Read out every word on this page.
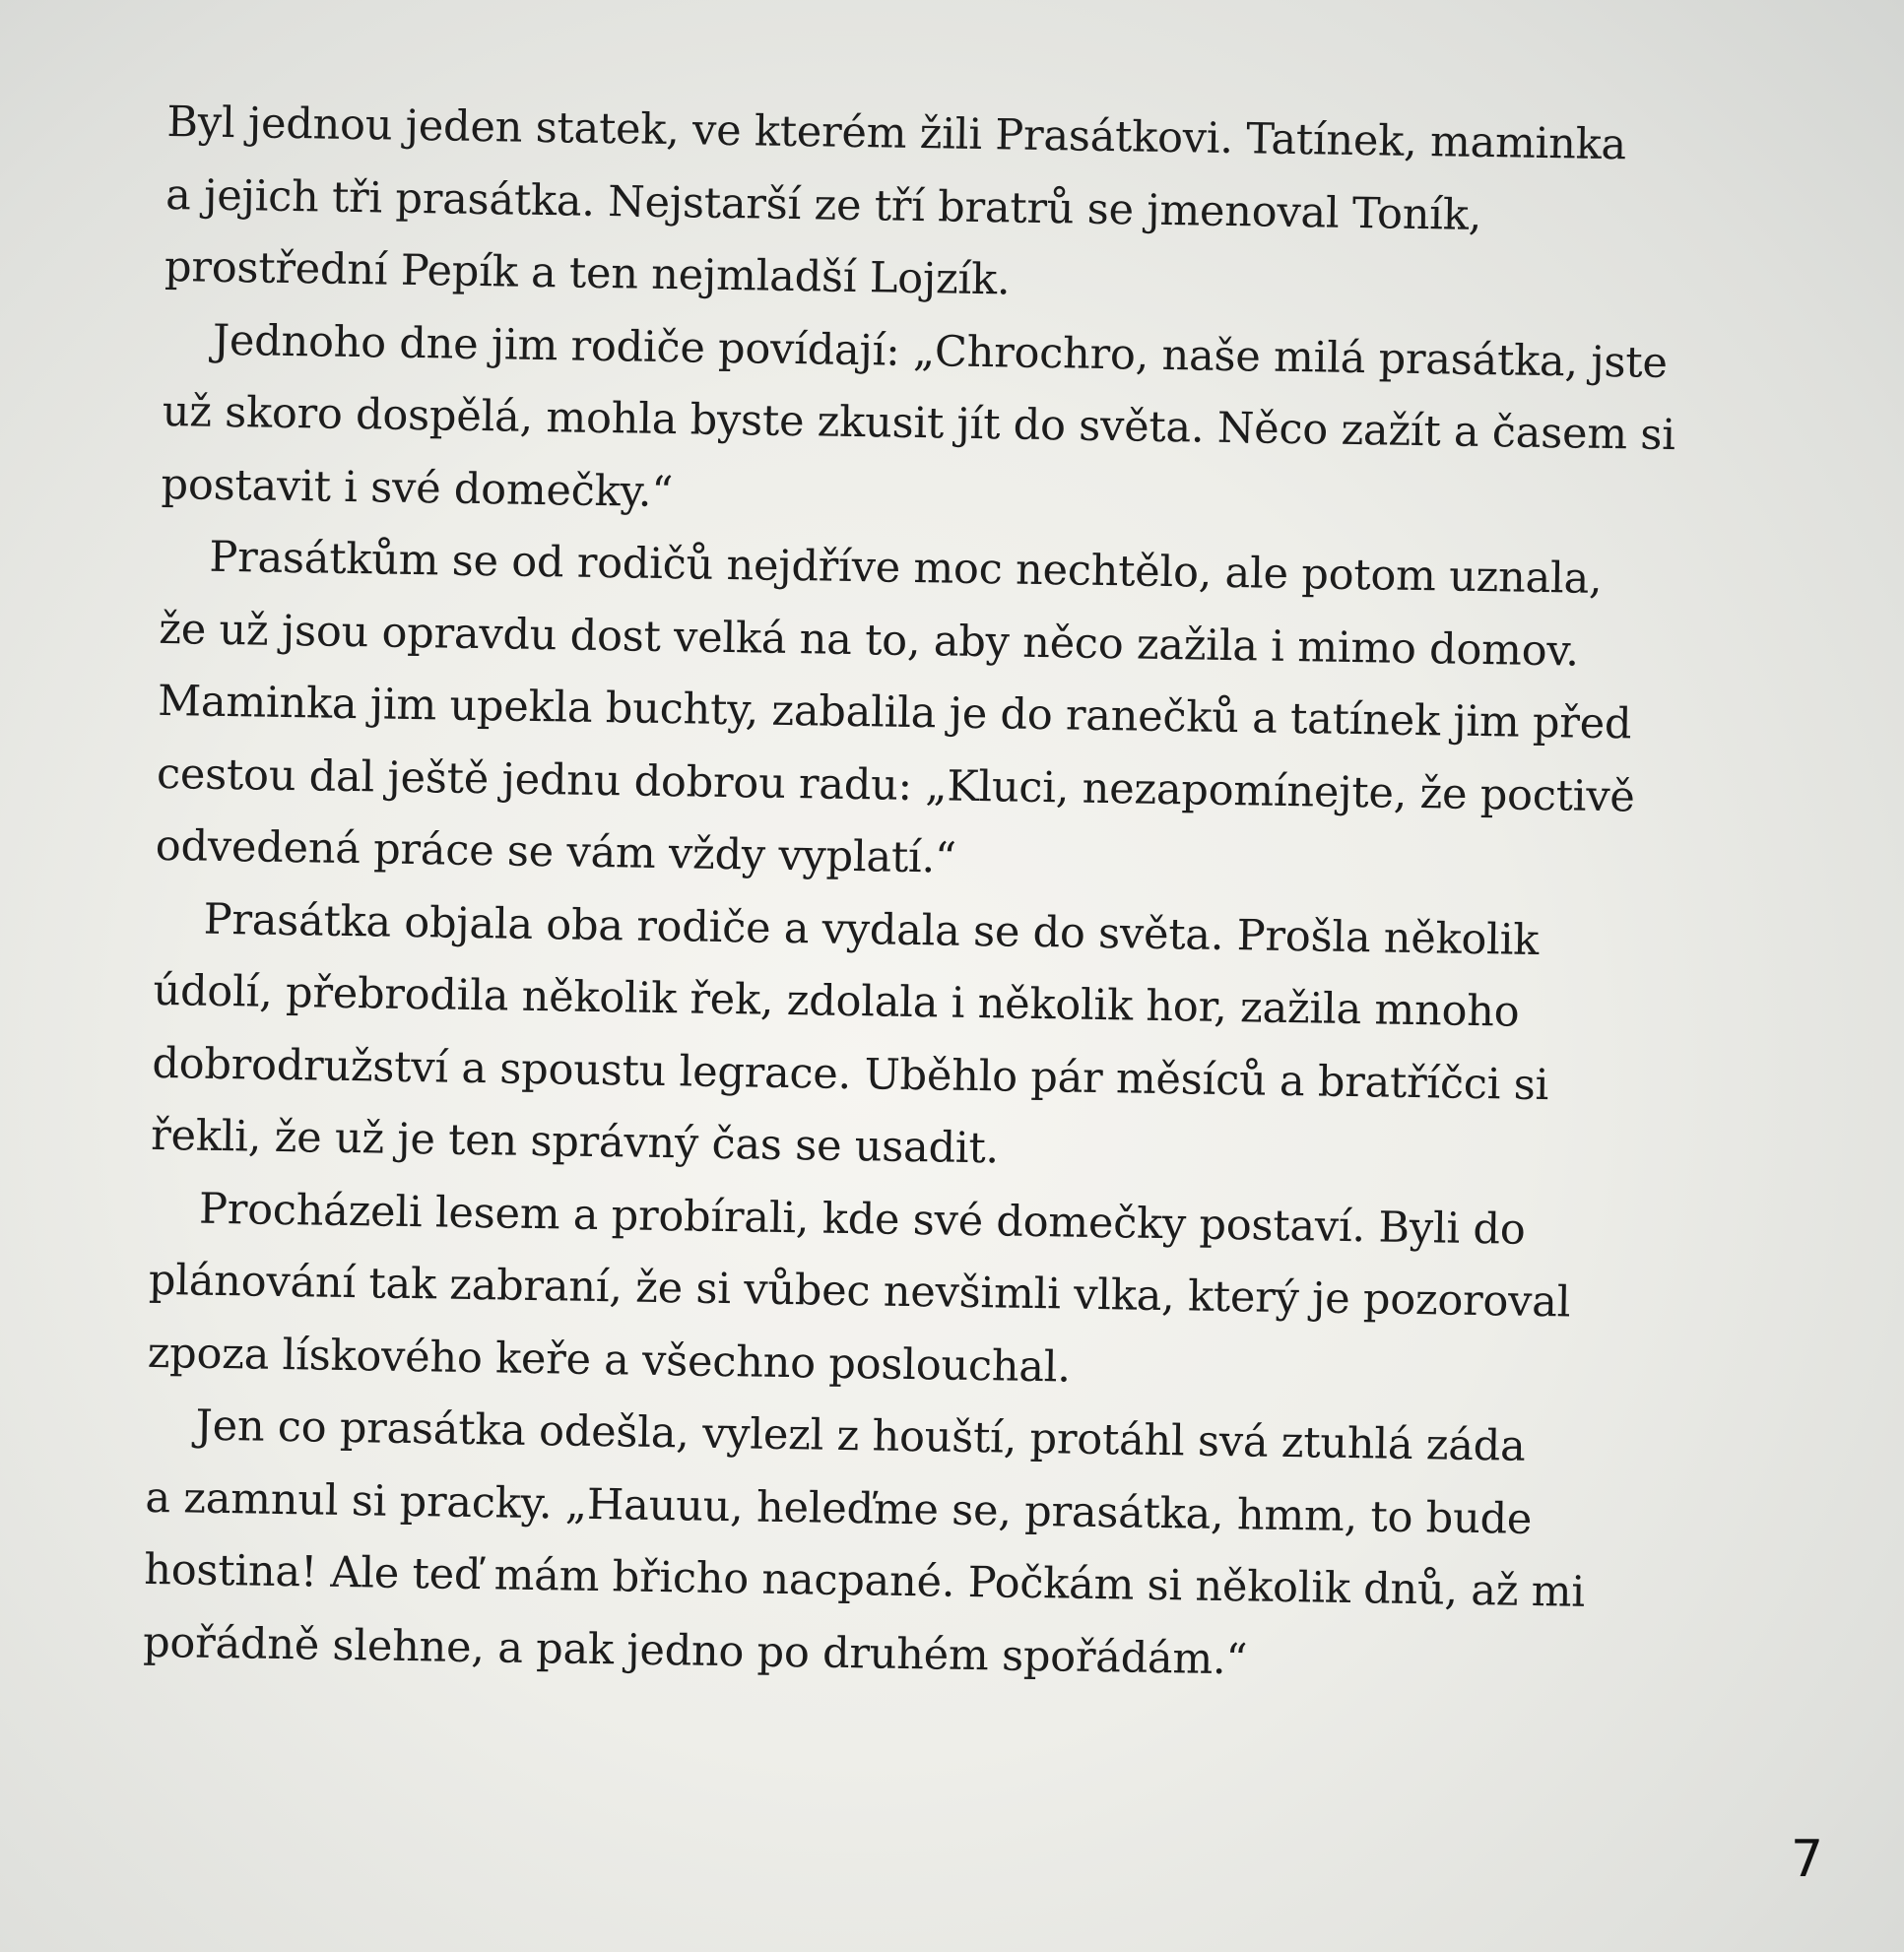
Byl jednou jeden statek, ve kterém žili Prasátkovi. Tatínek, maminka
a jejich tři prasátka. Nejstarší ze tří bratrů se jmenoval Toník,
prostřední Pepík a ten nejmladší Lojzík.
Jednoho dne jim rodiče povídají: „Chrochro, naše milá prasátka, jste
už skoro dospělá, mohla byste zkusit jít do světa. Něco zažít a časem si
postavit i své domečky.“
Prasátkům se od rodičů nejdříve moc nechtělo, ale potom uznala,
že už jsou opravdu dost velká na to, aby něco zažila i mimo domov.
Maminka jim upekla buchty, zabalila je do ranečků a tatínek jim před
cestou dal ještě jednu dobrou radu: „Kluci, nezapomínejte, že poctivě
odvedená práce se vám vždy vyplatí.“
Prasátka objala oba rodiče a vydala se do světa. Prošla několik
údolí, přebrodila několik řek, zdolala i několik hor, zažila mnoho
dobrodružství a spoustu legrace. Uběhlo pár měsíců a bratříčci si
řekli, že už je ten správný čas se usadit.
Procházeli lesem a probírali, kde své domečky postaví. Byli do
plánování tak zabraní, že si vůbec nevšimli vlka, který je pozoroval
zpoza lískového keře a všechno poslouchal.
Jen co prasátka odešla, vylezl z houští, protáhl svá ztuhlá záda
a zamnul si pracky. „Hauuu, heleďme se, prasátka, hmm, to bude
hostina! Ale teď mám břicho nacpané. Počkám si několik dnů, až mi
pořádně slehne, a pak jedno po druhém spořádám.“
7
